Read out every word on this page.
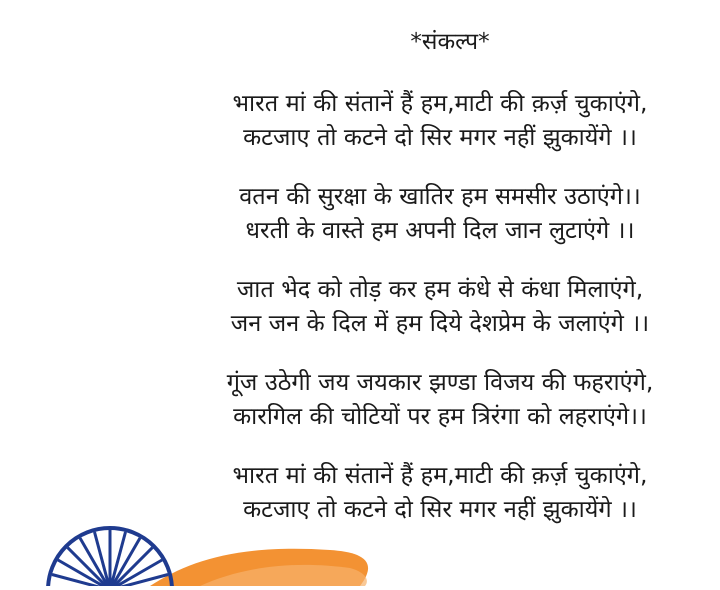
*संकल्प*
भारत मां की संतानें हैं हम,माटी की क़र्ज़ चुकाएंगे,
कटजाए तो कटने दो सिर मगर नहीं झुकायेंगे ।।
वतन की सुरक्षा के खातिर हम समसीर उठाएंगे।।
धरती के वास्ते हम अपनी दिल जान लुटाएंगे ।।
जात भेद को तोड़ कर हम कंधे से कंधा मिलाएंगे,
जन जन के दिल में हम दिये देशप्रेम के जलाएंगे ।।
गूंज उठेगी जय जयकार झण्डा विजय की फहराएंगे,
कारगिल की चोटियों पर हम त्रिरंगा को लहराएंगे।।
भारत मां की संतानें हैं हम,माटी की क़र्ज़ चुकाएंगे,
कटजाए तो कटने दो सिर मगर नहीं झुकायेंगे ।।
